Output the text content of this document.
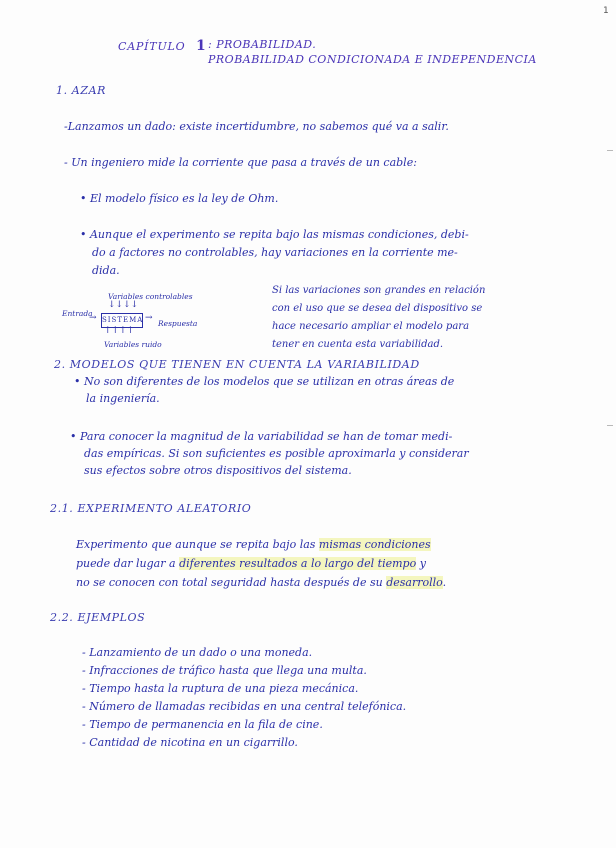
1
CAPÍTULO 1 : PROBABILIDAD.
PROBABILIDAD CONDICIONADA E INDEPENDENCIA
1. AZAR
-Lanzamos un dado: existe incertidumbre, no sabemos qué va a salir.
- Un ingeniero mide la corriente que pasa a través de un cable:
• El modelo físico es la ley de Ohm.
• Aunque el experimento se repita bajo las mismas condiciones, debi-
do a factores no controlables, hay variaciones en la corriente me-
dida.
Variables controlables
↓↓↓↓
Entrada
→ SISTEMA →
Respuesta
↑↑↑↑
Variables ruido
Si las variaciones son grandes en relación
con el uso que se desea del dispositivo se
hace necesario ampliar el modelo para
tener en cuenta esta variabilidad.
2. MODELOS QUE TIENEN EN CUENTA LA VARIABILIDAD
• No son diferentes de los modelos que se utilizan en otras áreas de
la ingeniería.
• Para conocer la magnitud de la variabilidad se han de tomar medi-
das empíricas. Si son suficientes es posible aproximarla y considerar
sus efectos sobre otros dispositivos del sistema.
2.1. EXPERIMENTO ALEATORIO
Experimento que aunque se repita bajo las mismas condiciones
puede dar lugar a diferentes resultados a lo largo del tiempo y
no se conocen con total seguridad hasta después de su desarrollo.
2.2. EJEMPLOS
- Lanzamiento de un dado o una moneda.
- Infracciones de tráfico hasta que llega una multa.
- Tiempo hasta la ruptura de una pieza mecánica.
- Número de llamadas recibidas en una central telefónica.
- Tiempo de permanencia en la fila de cine.
- Cantidad de nicotina en un cigarrillo.
